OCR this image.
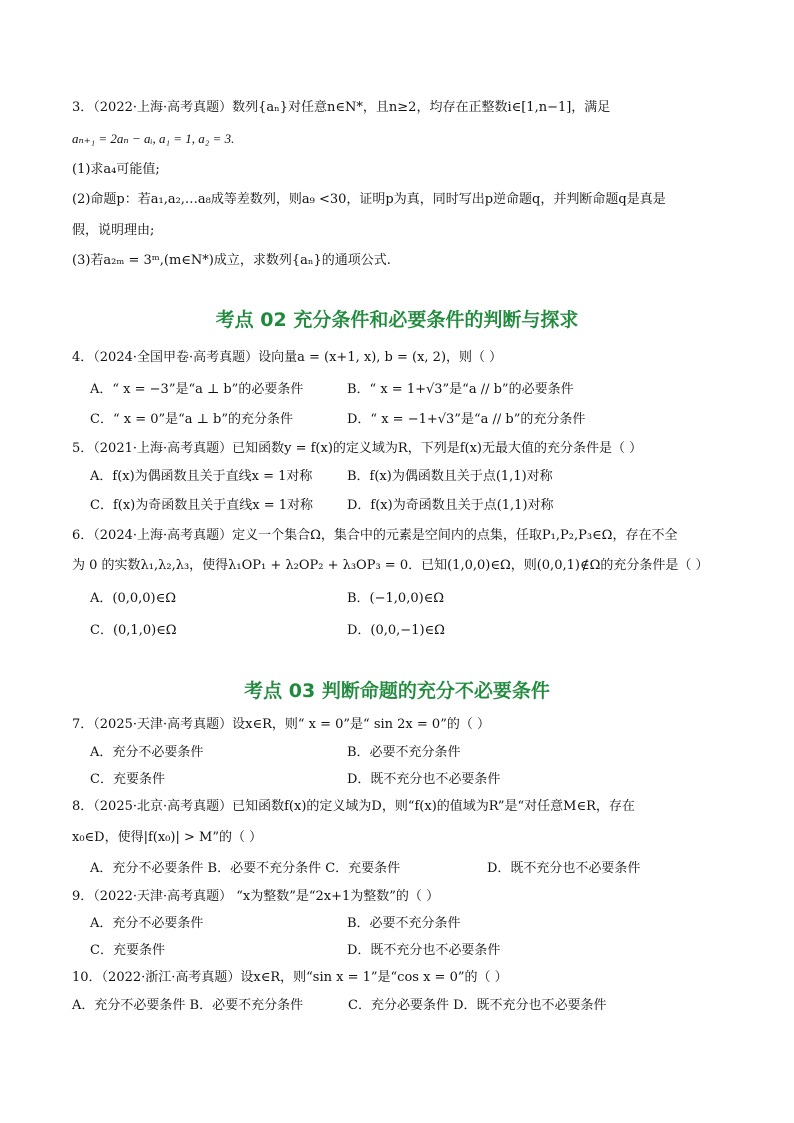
3．（2022·上海·高考真题）数列{aₙ}对任意n∈N*，且n≥2，均存在正整数i∈[1,n−1]，满足
aₙ₊₁ = 2aₙ − aᵢ, a₁ = 1, a₂ = 3.
(1)求a₄可能值;
(2)命题p：若a₁,a₂,…a₈成等差数列，则a₉ <30，证明p为真，同时写出p逆命题q，并判断命题q是真是
假，说明理由;
(3)若a₂ₘ = 3ᵐ,(m∈N*)成立，求数列{aₙ}的通项公式.
考点 02 充分条件和必要条件的判断与探求
4．（2024·全国甲卷·高考真题）设向量a = (x+1, x), b = (x, 2)，则（ ）
A．“ x = −3”是“a ⊥ b”的必要条件	B．“ x = 1+√3”是“a // b”的必要条件
C．“ x = 0”是“a ⊥ b”的充分条件	D．“ x = −1+√3”是“a // b”的充分条件
5．（2021·上海·高考真题）已知函数y = f(x)的定义域为R，下列是f(x)无最大值的充分条件是（ ）
A．f(x)为偶函数且关于直线x = 1对称	B．f(x)为偶函数且关于点(1,1)对称
C．f(x)为奇函数且关于直线x = 1对称	D．f(x)为奇函数且关于点(1,1)对称
6．（2024·上海·高考真题）定义一个集合Ω，集合中的元素是空间内的点集，任取P₁,P₂,P₃∈Ω，存在不全
为 0 的实数λ₁,λ₂,λ₃，使得λ₁OP₁ + λ₂OP₂ + λ₃OP₃ = 0．已知(1,0,0)∈Ω，则(0,0,1)∉Ω的充分条件是（ ）
A．(0,0,0)∈Ω	B．(−1,0,0)∈Ω
C．(0,1,0)∈Ω	D．(0,0,−1)∈Ω
考点 03 判断命题的充分不必要条件
7．（2025·天津·高考真题）设x∈R，则“ x = 0”是“ sin 2x = 0”的（ ）
A．充分不必要条件	B．必要不充分条件
C．充要条件	D．既不充分也不必要条件
8．（2025·北京·高考真题）已知函数f(x)的定义域为D，则“f(x)的值域为R”是“对任意M∈R，存在
x₀∈D，使得|f(x₀)| > M”的（ ）
A．充分不必要条件 B．必要不充分条件 C．充要条件	D．既不充分也不必要条件
9．（2022·天津·高考真题） “x为整数”是“2x+1为整数”的（ ）
A．充分不必要条件	B．必要不充分条件
C．充要条件	D．既不充分也不必要条件
10．（2022·浙江·高考真题）设x∈R，则“sin x = 1”是“cos x = 0”的（ ）
A．充分不必要条件 B．必要不充分条件	C．充分必要条件 D．既不充分也不必要条件
